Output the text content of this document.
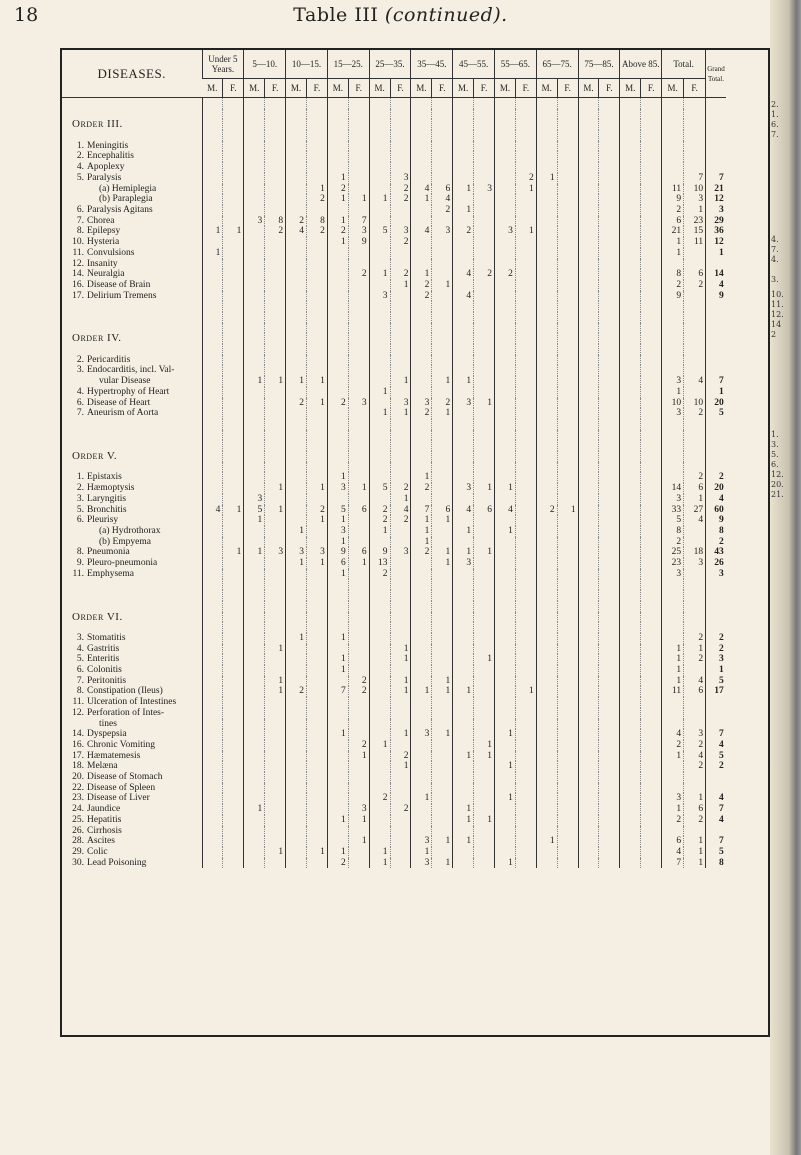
18	Table III (continued).
DISEASES.	Under 5 Years.		5—10.		10—15.		15—25.		25—35.		35—45.		45—55.		55—65.		65—75.		75—85.		Above 85.		Total.		Grand Total.
	M.	F.	M.	F.	M.	F.	M.	F.	M.	F.	M.	F.	M.	F.	M.	F.	M.	F.	M.	F.	M.	F.	M.	F.	

Order III.																									

1. Meningitis																									
2. Encephalitis																									
4. Apoplexy																									
5. Paralysis							1			3						2	1							7	7
(a) Hemiplegia						1	2			2	4	6	1	3		1							11	10	21
(b) Paraplegia						2	1	1	1	2	1	4											9	3	12
6. Paralysis Agitans												2	1										2	1	3
7. Chorea			3	8	2	8	1	7															6	23	29
8. Epilepsy	1	1		2	4	2	2	3	5	3	4	3	2		3	1							21	15	36
10. Hysteria							1	9		2													1	11	12
11. Convulsions	1																						1		1
12. Insanity																									
14. Neuralgia								2	1	2	1		4	2	2								8	6	14
16. Disease of Brain										1	2	1											2	2	4
17. Delirium Tremens									3		2		4										9		9

Order IV.																									

2. Pericarditis																									
3. Endocarditis, incl. Val-																									
vular Disease			1	1	1	1				1		1	1										3	4	7
4. Hypertrophy of Heart									1														1		1
6. Disease of Heart					2	1	2	3		3	3	2	3	1									10	10	20
7. Aneurism of Aorta									1	1	2	1											3	2	5

Order V.																									

1. Epistaxis							1				1													2	2
2. Hæmoptysis				1		1	3	1	5	2	2		3	1	1								14	6	20
3. Laryngitis			3							1													3	1	4
5. Bronchitis	4	1	5	1		2	5	6	2	4	7	6	4	6	4		2	1					33	27	60
6. Pleurisy			1			1	1		2	2	1	1											5	4	9
(a) Hydrothorax					1		3		1		1		1		1								8		8
(b) Empyema							1				1												2		2
8. Pneumonia		1	1	3	3	3	9	6	9	3	2	1	1	1									25	18	43
9. Pleuro-pneumonia					1	1	6	1	13			1	3										23	3	26
11. Emphysema							1		2														3		3

Order VI.																									

3. Stomatitis					1		1																	2	2
4. Gastritis				1						1													1	1	2
5. Enteritis							1			1				1									1	2	3
6. Colonitis							1																1		1
7. Peritonitis				1				2		1		1											1	4	5
8. Constipation (Ileus)				1	2		7	2		1	1	1	1			1							11	6	17
11. Ulceration of Intestines																									
12. Perforation of Intes-																									
tines																									
14. Dyspepsia							1			1	3	1			1								4	3	7
16. Chronic Vomiting								2	1					1									2	2	4
17. Hæmatemesis								1		2			1	1									1	4	5
18. Melæna										1					1									2	2
20. Disease of Stomach																									
22. Disease of Spleen																									
23. Disease of Liver									2		1				1								3	1	4
24. Jaundice			1					3		2			1										1	6	7
25. Hepatitis							1	1					1	1									2	2	4
26. Cirrhosis																									
28. Ascites								1			3	1	1				1						6	1	7
29. Colic				1		1	1		1		1												4	1	5
30. Lead Poisoning							2		1		3	1			1								7	1	8
2.
1.
6.
7.
4.
7.
4.
3.
10.
11.
12.
14
2
1.
3.
5.
6.
12.
20.
21.
